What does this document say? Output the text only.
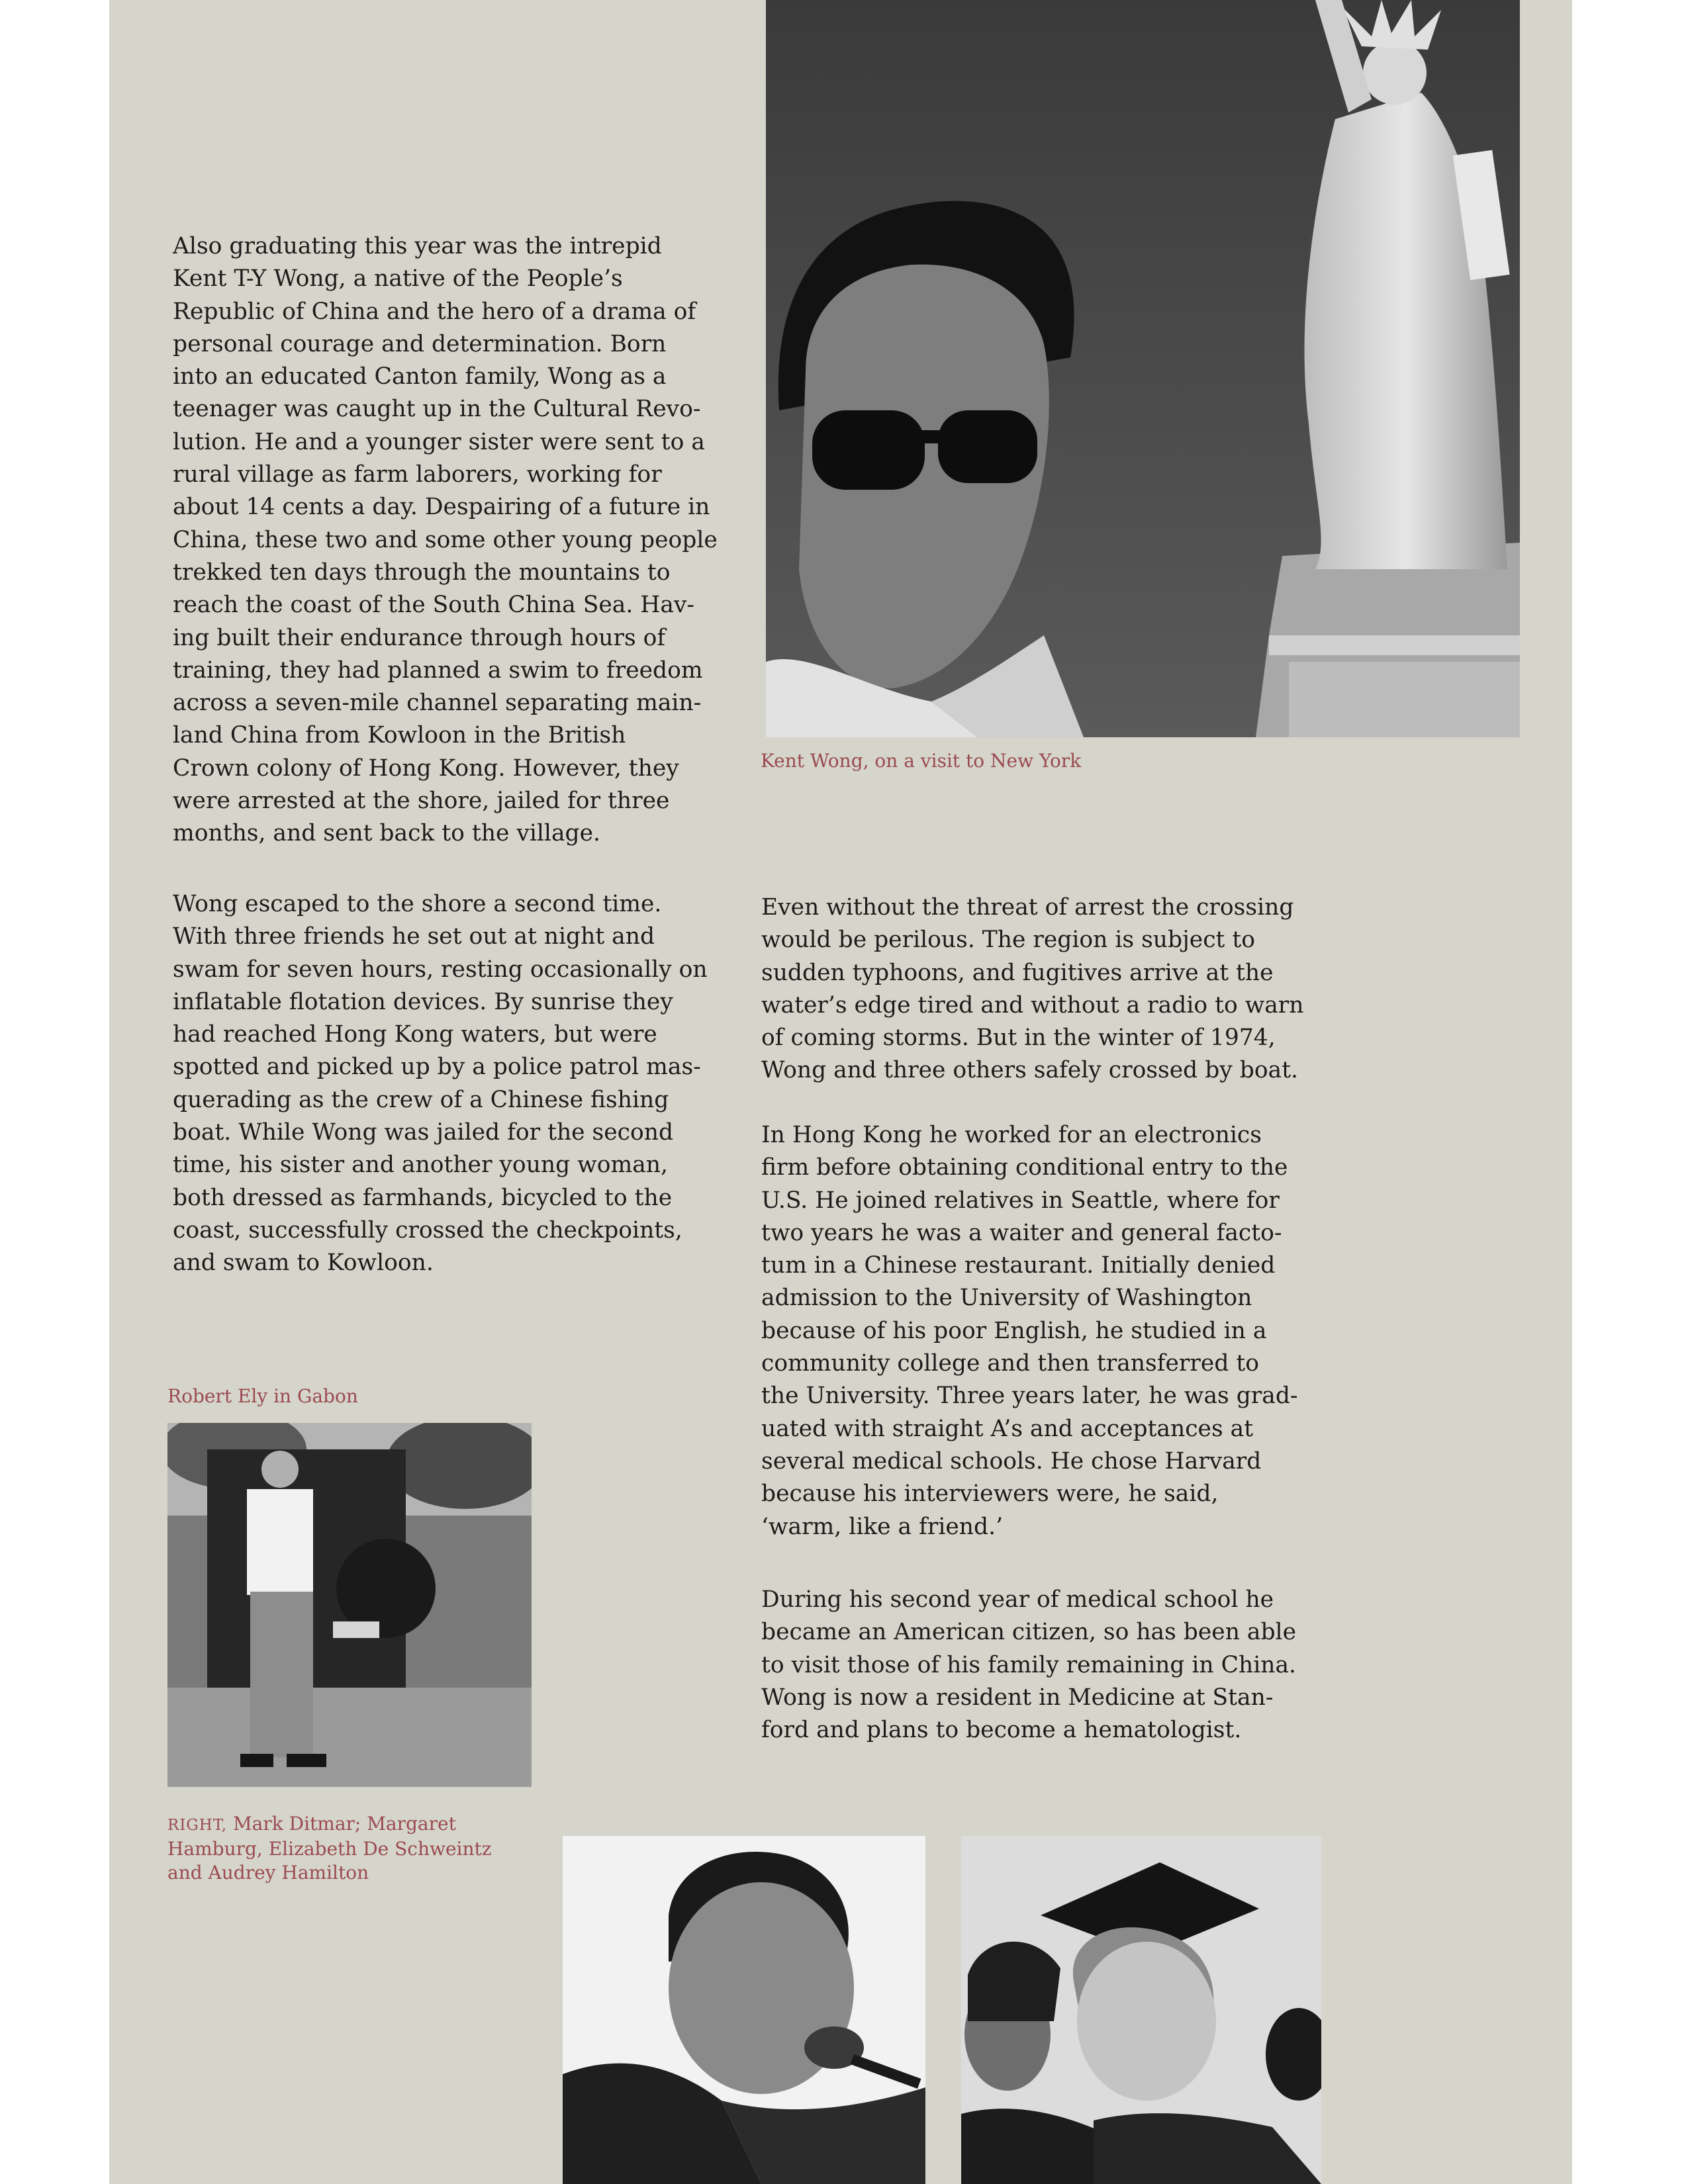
Kent Wong, on a visit to New York

Also graduating this year was the intrepid
Kent T-Y Wong, a native of the People’s
Republic of China and the hero of a drama of
personal courage and determination. Born
into an educated Canton family, Wong as a
teenager was caught up in the Cultural Revo-
lution. He and a younger sister were sent to a
rural village as farm laborers, working for
about 14 cents a day. Despairing of a future in
China, these two and some other young people
trekked ten days through the mountains to
reach the coast of the South China Sea. Hav-
ing built their endurance through hours of
training, they had planned a swim to freedom
across a seven-mile channel separating main-
land China from Kowloon in the British
Crown colony of Hong Kong. However, they
were arrested at the shore, jailed for three
months, and sent back to the village.

Wong escaped to the shore a second time.
With three friends he set out at night and
swam for seven hours, resting occasionally on
inflatable flotation devices. By sunrise they
had reached Hong Kong waters, but were
spotted and picked up by a police patrol mas-
querading as the crew of a Chinese fishing
boat. While Wong was jailed for the second
time, his sister and another young woman,
both dressed as farmhands, bicycled to the
coast, successfully crossed the checkpoints,
and swam to Kowloon.

Even without the threat of arrest the crossing
would be perilous. The region is subject to
sudden typhoons, and fugitives arrive at the
water’s edge tired and without a radio to warn
of coming storms. But in the winter of 1974,
Wong and three others safely crossed by boat.

In Hong Kong he worked for an electronics
firm before obtaining conditional entry to the
U.S. He joined relatives in Seattle, where for
two years he was a waiter and general facto-
tum in a Chinese restaurant. Initially denied
admission to the University of Washington
because of his poor English, he studied in a
community college and then transferred to
the University. Three years later, he was grad-
uated with straight A’s and acceptances at
several medical schools. He chose Harvard
because his interviewers were, he said,
‘warm, like a friend.’

During his second year of medical school he
became an American citizen, so has been able
to visit those of his family remaining in China.
Wong is now a resident in Medicine at Stan-
ford and plans to become a hematologist.

Robert Ely in Gabon

RIGHT, Mark Ditmar; Margaret
Hamburg, Elizabeth De Schweintz
and Audrey Hamilton
